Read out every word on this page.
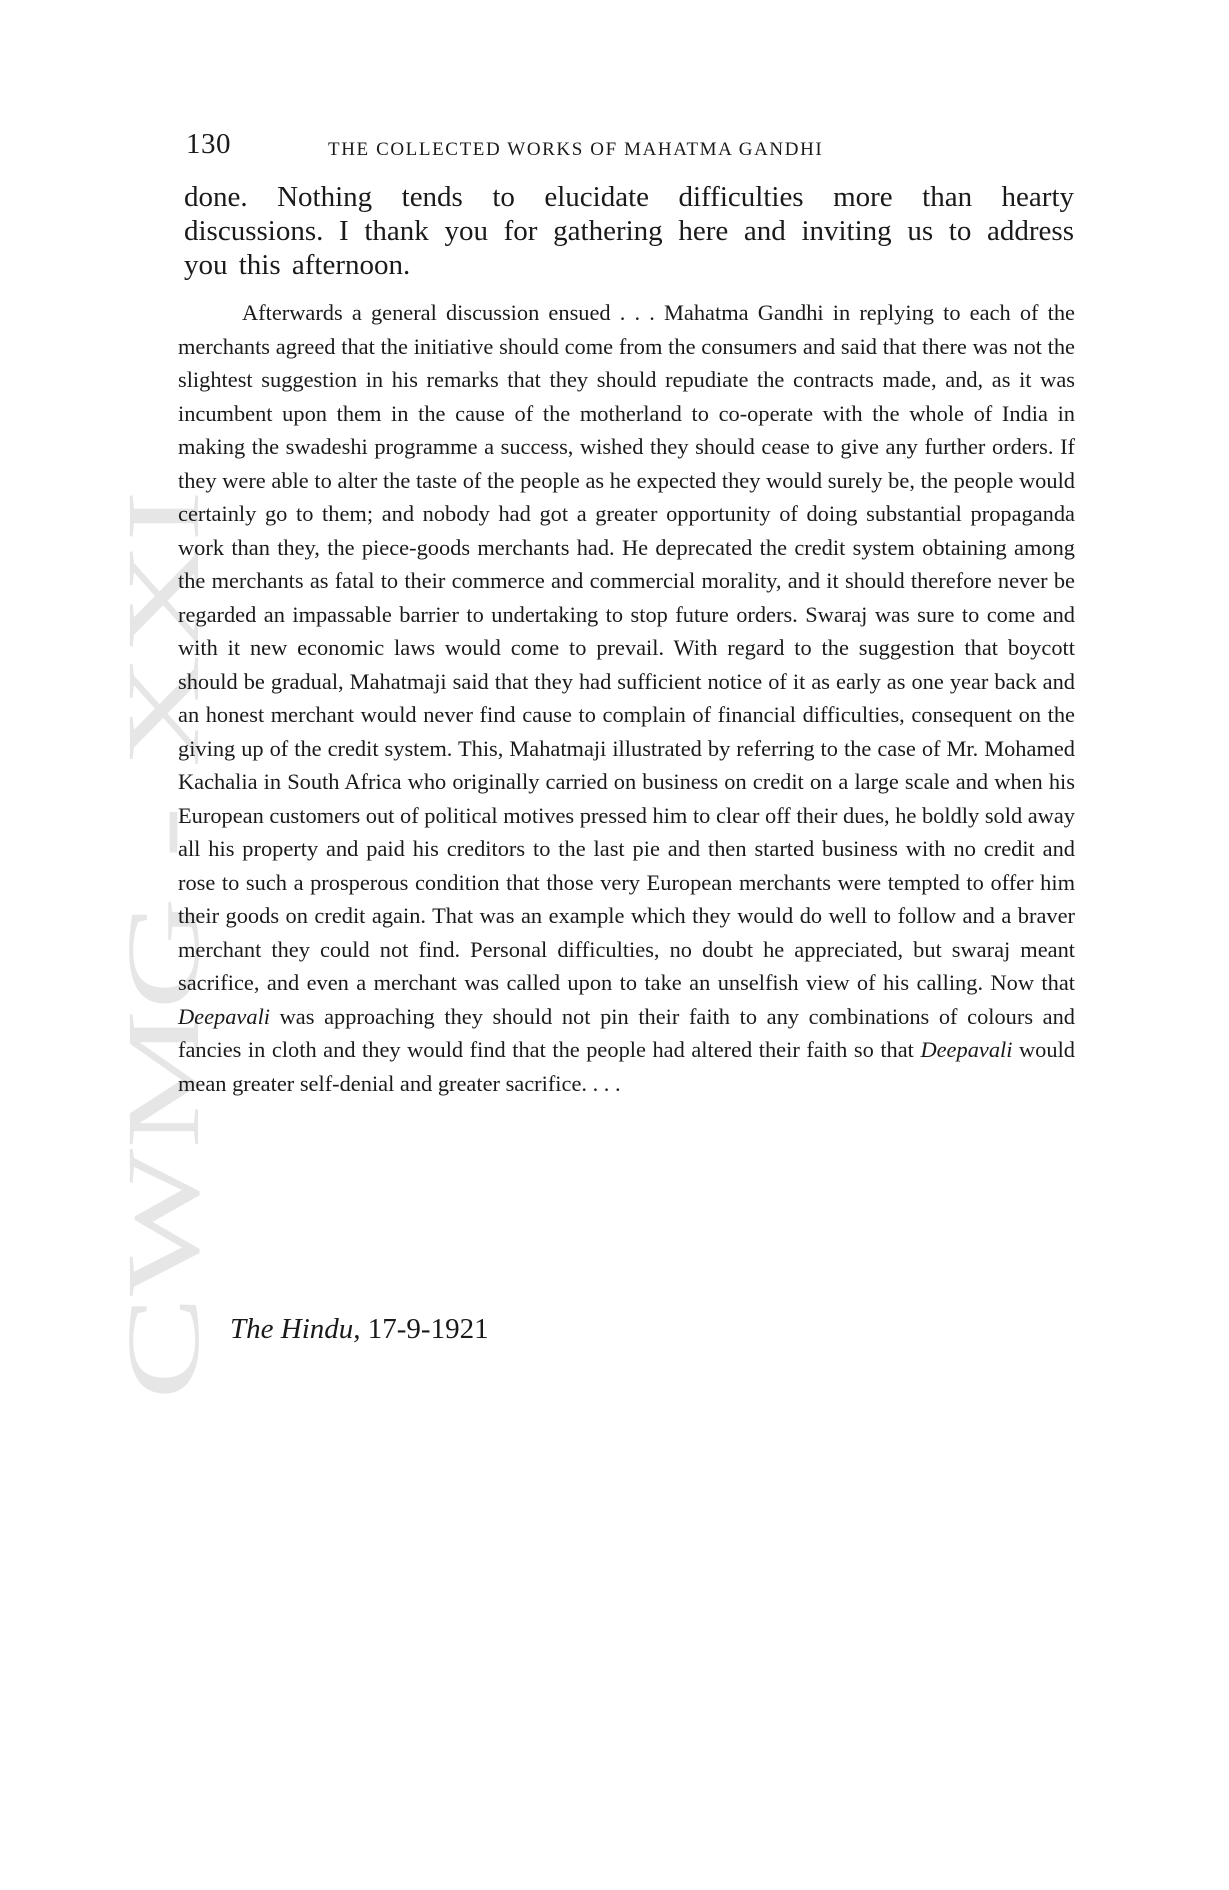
CWMG XXI
130	THE COLLECTED WORKS OF MAHATMA GANDHI

done. Nothing tends to elucidate difficulties more than hearty discussions. I thank you for gathering here and inviting us to address you this afternoon.

Afterwards a general discussion ensued . . . Mahatma Gandhi in replying to each of the merchants agreed that the initiative should come from the consumers and said that there was not the slightest suggestion in his remarks that they should repudiate the contracts made, and, as it was incumbent upon them in the cause of the motherland to co-operate with the whole of India in making the swadeshi programme a success, wished they should cease to give any further orders. If they were able to alter the taste of the people as he expected they would surely be, the people would certainly go to them; and nobody had got a greater opportunity of doing substantial propaganda work than they, the piece-goods merchants had. He deprecated the credit system obtaining among the merchants as fatal to their commerce and commercial morality, and it should therefore never be regarded an impassable barrier to undertaking to stop future orders. Swaraj was sure to come and with it new economic laws would come to prevail. With regard to the suggestion that boycott should be gradual, Mahatmaji said that they had sufficient notice of it as early as one year back and an honest merchant would never find cause to complain of financial difficulties, consequent on the giving up of the credit system. This, Mahatmaji illustrated by referring to the case of Mr. Mohamed Kachalia in South Africa who originally carried on business on credit on a large scale and when his European customers out of political motives pressed him to clear off their dues, he boldly sold away all his property and paid his creditors to the last pie and then started business with no credit and rose to such a prosperous condition that those very European merchants were tempted to offer him their goods on credit again. That was an example which they would do well to follow and a braver merchant they could not find. Personal difficulties, no doubt he appreciated, but swaraj meant sacrifice, and even a merchant was called upon to take an unselfish view of his calling. Now that Deepavali was approaching they should not pin their faith to any combinations of colours and fancies in cloth and they would find that the people had altered their faith so that Deepavali would mean greater self-denial and greater sacrifice. . . .

The Hindu, 17-9-1921
